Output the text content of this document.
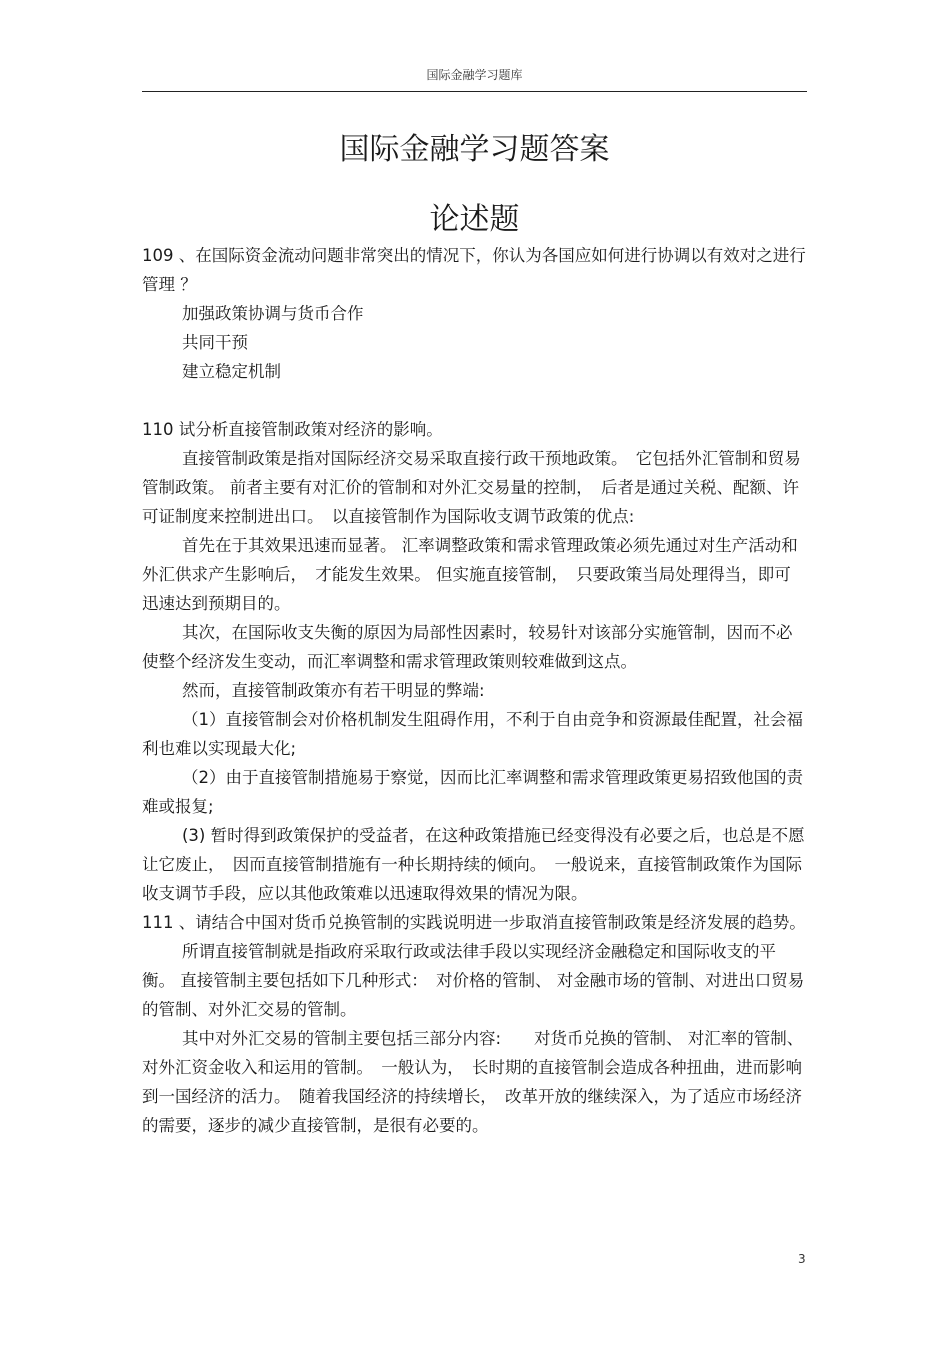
国际金融学习题库
国际金融学习题答案
论述题

109 、在国际资金流动问题非常突出的情况下，你认为各国应如何进行协调以有效对之进行管理 ？

加强政策协调与货币合作

共同干预

建立稳定机制

110 试分析直接管制政策对经济的影响。

直接管制政策是指对国际经济交易采取直接行政干预地政策。　它包括外汇管制和贸易管制政策。 前者主要有对汇价的管制和对外汇交易量的控制，　后者是通过关税、配额、许可证制度来控制进出口。　以直接管制作为国际收支调节政策的优点:

首先在于其效果迅速而显著。 汇率调整政策和需求管理政策必须先通过对生产活动和外汇供求产生影响后，　才能发生效果。 但实施直接管制，　只要政策当局处理得当，即可迅速达到预期目的。

其次，在国际收支失衡的原因为局部性因素时，较易针对该部分实施管制，因而不必使整个经济发生变动，而汇率调整和需求管理政策则较难做到这点。

然而，直接管制政策亦有若干明显的弊端:

（1）直接管制会对价格机制发生阻碍作用，不利于自由竞争和资源最佳配置，社会福利也难以实现最大化;

（2）由于直接管制措施易于察觉，因而比汇率调整和需求管理政策更易招致他国的责难或报复;

(3) 暂时得到政策保护的受益者，在这种政策措施已经变得没有必要之后，也总是不愿让它废止，　因而直接管制措施有一种长期持续的倾向。　一般说来，直接管制政策作为国际收支调节手段，应以其他政策难以迅速取得效果的情况为限。

111 、请结合中国对货币兑换管制的实践说明进一步取消直接管制政策是经济发展的趋势。

所谓直接管制就是指政府采取行政或法律手段以实现经济金融稳定和国际收支的平衡。 直接管制主要包括如下几种形式：　对价格的管制、 对金融市场的管制、对进出口贸易的管制、对外汇交易的管制。

其中对外汇交易的管制主要包括三部分内容:　　对货币兑换的管制、 对汇率的管制、对外汇资金收入和运用的管制。　一般认为，　长时期的直接管制会造成各种扭曲，进而影响到一国经济的活力。　随着我国经济的持续增长，　改革开放的继续深入，为了适应市场经济的需要，逐步的减少直接管制，是很有必要的。

3
